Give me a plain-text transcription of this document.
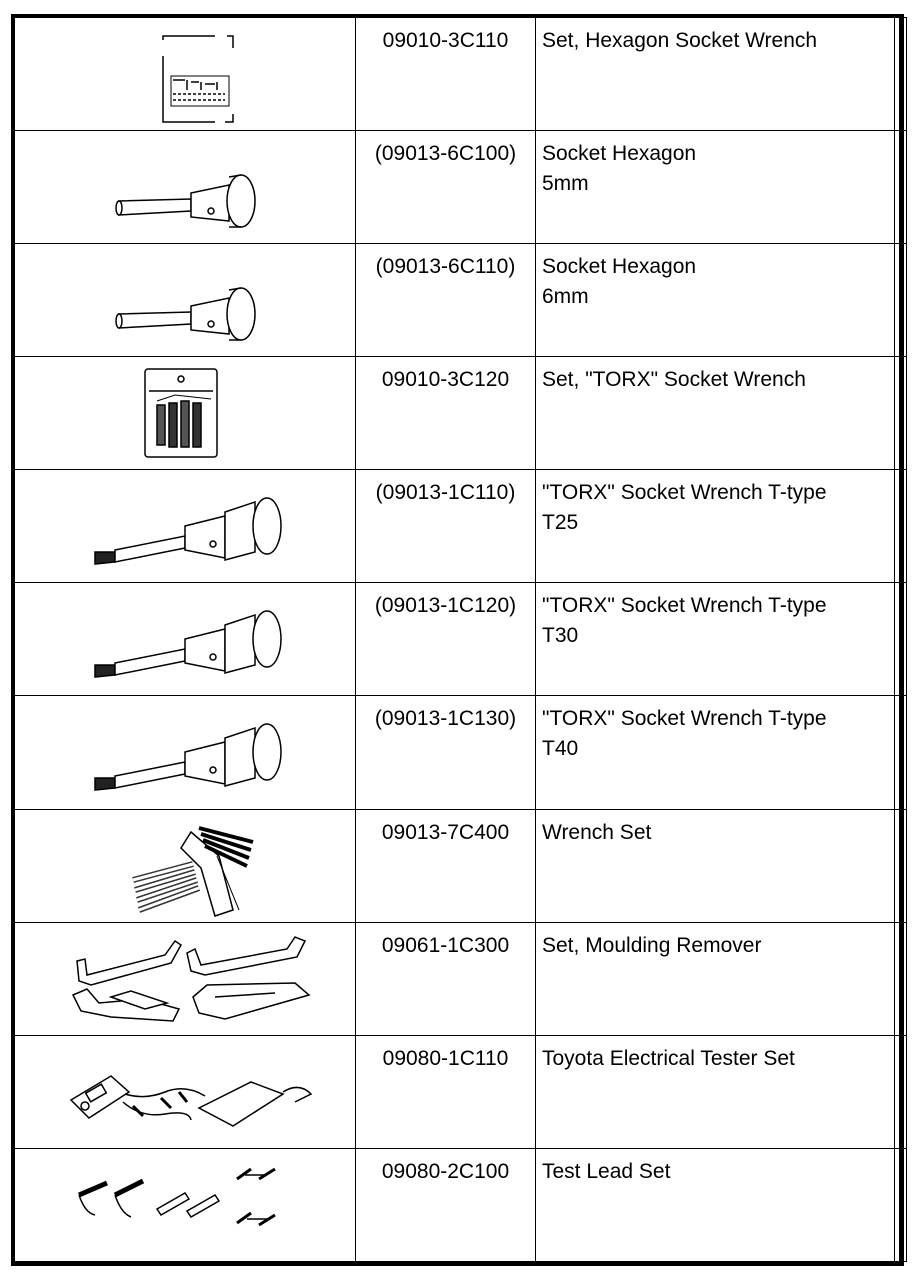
	09010-3C110	Set, Hexagon Socket Wrench	

	(09013-6C100)	Socket Hexagon
5mm	

	(09013-6C110)	Socket Hexagon
6mm	

	09010-3C120	Set, "TORX" Socket Wrench	

	(09013-1C110)	"TORX" Socket Wrench T-type
T25	

	(09013-1C120)	"TORX" Socket Wrench T-type
T30	

	(09013-1C130)	"TORX" Socket Wrench T-type
T40	

	09013-7C400	Wrench Set	

	09061-1C300	Set, Moulding Remover	

	09080-1C110	Toyota Electrical Tester Set	

	09080-2C100	Test Lead Set	
